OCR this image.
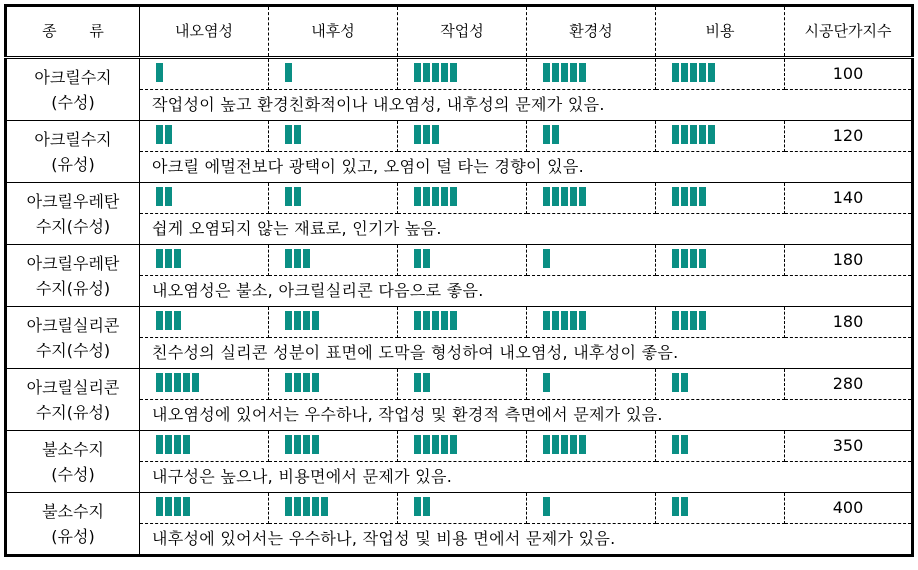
종 류	내오염성	내후성	작업성	환경성	비용	시공단가지수

아크릴수지
(수성)						100
	작업성이 높고 환경친화적이나 내오염성, 내후성의 문제가 있음.					

아크릴수지
(유성)						120
	아크릴 에멀전보다 광택이 있고, 오염이 덜 타는 경향이 있음.					

아크릴우레탄
수지(수성)						140
	쉽게 오염되지 않는 재료로, 인기가 높음.					

아크릴우레탄
수지(유성)						180
	내오염성은 불소, 아크릴실리콘 다음으로 좋음.					

아크릴실리콘
수지(수성)						180
	친수성의 실리콘 성분이 표면에 도막을 형성하여 내오염성, 내후성이 좋음.					

아크릴실리콘
수지(유성)						280
	내오염성에 있어서는 우수하나, 작업성 및 환경적 측면에서 문제가 있음.					

불소수지
(수성)						350
	내구성은 높으나, 비용면에서 문제가 있음.					

불소수지
(유성)						400
	내후성에 있어서는 우수하나, 작업성 및 비용 면에서 문제가 있음.					
